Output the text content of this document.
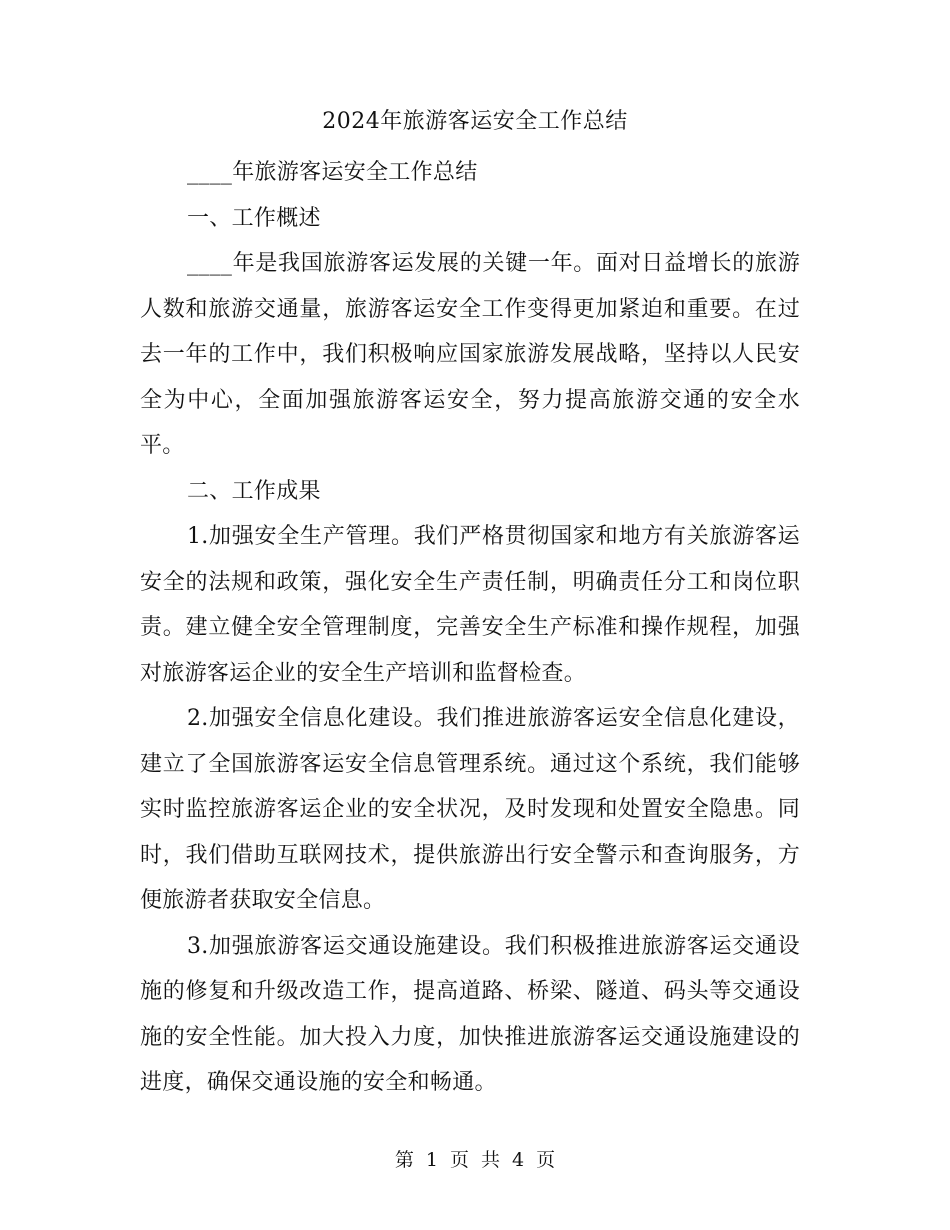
2024年旅游客运安全工作总结

____年旅游客运安全工作总结

一、工作概述

____年是我国旅游客运发展的关键一年。面对日益增长的旅游人数和旅游交通量，旅游客运安全工作变得更加紧迫和重要。在过去一年的工作中，我们积极响应国家旅游发展战略，坚持以人民安全为中心，全面加强旅游客运安全，努力提高旅游交通的安全水平。

二、工作成果

1.加强安全生产管理。我们严格贯彻国家和地方有关旅游客运安全的法规和政策，强化安全生产责任制，明确责任分工和岗位职责。建立健全安全管理制度，完善安全生产标准和操作规程，加强对旅游客运企业的安全生产培训和监督检查。

2.加强安全信息化建设。我们推进旅游客运安全信息化建设，建立了全国旅游客运安全信息管理系统。通过这个系统，我们能够实时监控旅游客运企业的安全状况，及时发现和处置安全隐患。同时，我们借助互联网技术，提供旅游出行安全警示和查询服务，方便旅游者获取安全信息。

3.加强旅游客运交通设施建设。我们积极推进旅游客运交通设施的修复和升级改造工作，提高道路、桥梁、隧道、码头等交通设施的安全性能。加大投入力度，加快推进旅游客运交通设施建设的进度，确保交通设施的安全和畅通。

第 1 页 共 4 页
